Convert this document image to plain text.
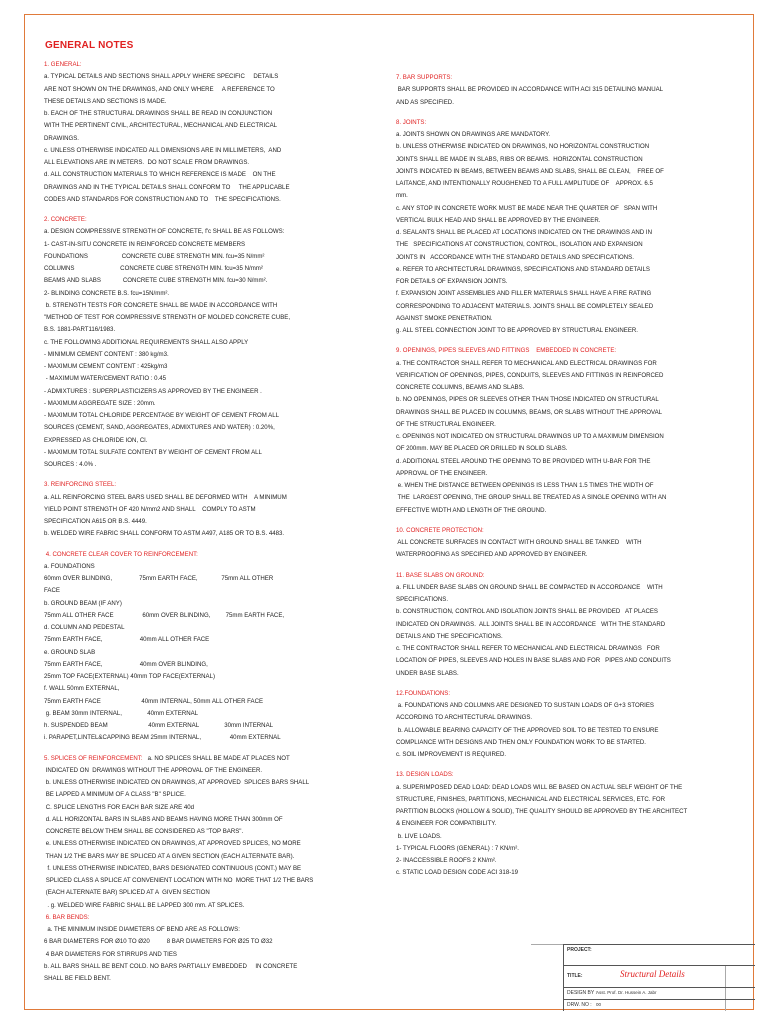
GENERAL NOTES
1. GENERAL:
a. TYPICAL DETAILS AND SECTIONS SHALL APPLY WHERE SPECIFIC     DETAILS
ARE NOT SHOWN ON THE DRAWINGS, AND ONLY WHERE     A REFERENCE TO
THESE DETAILS AND SECTIONS IS MADE.
b. EACH OF THE STRUCTURAL DRAWINGS SHALL BE READ IN CONJUNCTION
WITH THE PERTINENT CIVIL, ARCHITECTURAL, MECHANICAL AND ELECTRICAL
DRAWINGS.
c. UNLESS OTHERWISE INDICATED ALL DIMENSIONS ARE IN MILLIMETERS,  AND
ALL ELEVATIONS ARE IN METERS.  DO NOT SCALE FROM DRAWINGS.
d. ALL CONSTRUCTION MATERIALS TO WHICH REFERENCE IS MADE    ON THE
DRAWINGS AND IN THE TYPICAL DETAILS SHALL CONFORM TO     THE APPLICABLE
CODES AND STANDARDS FOR CONSTRUCTION AND TO    THE SPECIFICATIONS.
2. CONCRETE:
a. DESIGN COMPRESSIVE STRENGTH OF CONCRETE, f'c SHALL BE AS FOLLOWS:
1- CAST-IN-SITU CONCRETE IN REINFORCED CONCRETE MEMBERS
FOUNDATIONS                    CONCRETE CUBE STRENGTH MIN. fcu=35 N/mm²
COLUMNS                           CONCRETE CUBE STRENGTH MIN. fcu=35 N/mm²
BEAMS AND SLABS             CONCRETE CUBE STRENGTH MIN. fcu=30 N/mm².
2- BLINDING CONCRETE B.S. fcu=15N/mm².
b. STRENGTH TESTS FOR CONCRETE SHALL BE MADE IN ACCORDANCE WITH
"METHOD OF TEST FOR COMPRESSIVE STRENGTH OF MOLDED CONCRETE CUBE,
B.S. 1881-PART116/1983.
c. THE FOLLOWING ADDITIONAL REQUIREMENTS SHALL ALSO APPLY
- MINIMUM CEMENT CONTENT : 380 kg/m3.
- MAXIMUM CEMENT CONTENT : 425kg/m3
- MAXIMUM WATER/CEMENT RATIO : 0.45
- ADMIXTURES : SUPERPLASTICIZERS AS APPROVED BY THE ENGINEER .
- MAXIMUM AGGREGATE SIZE : 20mm.
- MAXIMUM TOTAL CHLORIDE PERCENTAGE BY WEIGHT OF CEMENT FROM ALL
SOURCES (CEMENT, SAND, AGGREGATES, ADMIXTURES AND WATER) : 0.20%,
EXPRESSED AS CHLORIDE ION, Cl.
- MAXIMUM TOTAL SULFATE CONTENT BY WEIGHT OF CEMENT FROM ALL
SOURCES : 4.0% .
3. REINFORCING STEEL:
a. ALL REINFORCING STEEL BARS USED SHALL BE DEFORMED WITH    A MINIMUM
YIELD POINT STRENGTH OF 420 N/mm2 AND SHALL    COMPLY TO ASTM
SPECIFICATION A615 OR B.S. 4449.
b. WELDED WIRE FABRIC SHALL CONFORM TO ASTM A497, A185 OR TO B.S. 4483.
4. CONCRETE CLEAR COVER TO REINFORCEMENT:
a. FOUNDATIONS
60mm OVER BLINDING,                75mm EARTH FACE,              75mm ALL OTHER
FACE
b. GROUND BEAM (IF ANY)
75mm ALL OTHER FACE                 60mm OVER BLINDING,         75mm EARTH FACE,
d. COLUMN AND PEDESTAL
75mm EARTH FACE,                      40mm ALL OTHER FACE
e. GROUND SLAB
75mm EARTH FACE,                      40mm OVER BLINDING,
25mm TOP FACE(EXTERNAL) 40mm TOP FACE(EXTERNAL)
f. WALL 50mm EXTERNAL,
75mm EARTH FACE                        40mm INTERNAL, 50mm ALL OTHER FACE
g. BEAM 30mm INTERNAL,               40mm EXTERNAL
h. SUSPENDED BEAM                        40mm EXTERNAL               30mm INTERNAL
i. PARAPET,LINTEL&CAPPING BEAM 25mm INTERNAL,                 40mm EXTERNAL
5. SPLICES OF REINFORCEMENT:   a. NO SPLICES SHALL BE MADE AT PLACES NOT
INDICATED ON  DRAWINGS WITHOUT THE APPROVAL OF THE ENGINEER.
b. UNLESS OTHERWISE INDICATED ON DRAWINGS, AT APPROVED  SPLICES BARS SHALL
BE LAPPED A MINIMUM OF A CLASS "B" SPLICE.
C. SPLICE LENGTHS FOR EACH BAR SIZE ARE 40d
d. ALL HORIZONTAL BARS IN SLABS AND BEAMS HAVING MORE THAN 300mm OF
CONCRETE BELOW THEM SHALL BE CONSIDERED AS "TOP BARS".
e. UNLESS OTHERWISE INDICATED ON DRAWINGS, AT APPROVED SPLICES, NO MORE
THAN 1/2 THE BARS MAY BE SPLICED AT A GIVEN SECTION (EACH ALTERNATE BAR).
f. UNLESS OTHERWISE INDICATED, BARS DESIGNATED CONTINUOUS (CONT.) MAY BE
SPLICED CLASS A SPLICE AT CONVENIENT LOCATION WITH NO  MORE THAT 1/2 THE BARS
(EACH ALTERNATE BAR) SPLICED AT A  GIVEN SECTION
. g. WELDED WIRE FABRIC SHALL BE LAPPED 300 mm. AT SPLICES.
6. BAR BENDS:
a. THE MINIMUM INSIDE DIAMETERS OF BEND ARE AS FOLLOWS:
6 BAR DIAMETERS FOR Ø10 TO Ø20          8 BAR DIAMETERS FOR Ø25 TO Ø32
4 BAR DIAMETERS FOR STIRRUPS AND TIES
b. ALL BARS SHALL BE BENT COLD. NO BARS PARTIALLY EMBEDDED     IN CONCRETE
SHALL BE FIELD BENT.
7. BAR SUPPORTS:
BAR SUPPORTS SHALL BE PROVIDED IN ACCORDANCE WITH ACI 315 DETAILING MANUAL
AND AS SPECIFIED.
8. JOINTS:
a. JOINTS SHOWN ON DRAWINGS ARE MANDATORY.
b. UNLESS OTHERWISE INDICATED ON DRAWINGS, NO HORIZONTAL CONSTRUCTION
JOINTS SHALL BE MADE IN SLABS, RIBS OR BEAMS.  HORIZONTAL CONSTRUCTION
JOINTS INDICATED IN BEAMS, BETWEEN BEAMS AND SLABS, SHALL BE CLEAN,    FREE OF
LAITANCE, AND INTENTIONALLY ROUGHENED TO A FULL AMPLITUDE OF    APPROX. 6.5
mm.
c. ANY STOP IN CONCRETE WORK MUST BE MADE NEAR THE QUARTER OF   SPAN WITH
VERTICAL BULK HEAD AND SHALL BE APPROVED BY THE ENGINEER.
d. SEALANTS SHALL BE PLACED AT LOCATIONS INDICATED ON THE DRAWINGS AND IN
THE   SPECIFICATIONS AT CONSTRUCTION, CONTROL, ISOLATION AND EXPANSION
JOINTS IN   ACCORDANCE WITH THE STANDARD DETAILS AND SPECIFICATIONS.
e. REFER TO ARCHITECTURAL DRAWINGS, SPECIFICATIONS AND STANDARD DETAILS
FOR DETAILS OF EXPANSION JOINTS.
f. EXPANSION JOINT ASSEMBLIES AND FILLER MATERIALS SHALL HAVE A FIRE RATING
CORRESPONDING TO ADJACENT MATERIALS. JOINTS SHALL BE COMPLETELY SEALED
AGAINST SMOKE PENETRATION.
g. ALL STEEL CONNECTION JOINT TO BE APPROVED BY STRUCTURAL ENGINEER.
9. OPENINGS, PIPES SLEEVES AND FITTINGS    EMBEDDED IN CONCRETE:
a. THE CONTRACTOR SHALL REFER TO MECHANICAL AND ELECTRICAL DRAWINGS FOR
VERIFICATION OF OPENINGS, PIPES, CONDUITS, SLEEVES AND FITTINGS IN REINFORCED
CONCRETE COLUMNS, BEAMS AND SLABS.
b. NO OPENINGS, PIPES OR SLEEVES OTHER THAN THOSE INDICATED ON STRUCTURAL
DRAWINGS SHALL BE PLACED IN COLUMNS, BEAMS, OR SLABS WITHOUT THE APPROVAL
OF THE STRUCTURAL ENGINEER.
c. OPENINGS NOT INDICATED ON STRUCTURAL DRAWINGS UP TO A MAXIMUM DIMENSION
OF 200mm. MAY BE PLACED OR DRILLED IN SOLID SLABS.
d. ADDITIONAL STEEL AROUND THE OPENING TO BE PROVIDED WITH U-BAR FOR THE
APPROVAL OF THE ENGINEER.
e. WHEN THE DISTANCE BETWEEN OPENINGS IS LESS THAN 1.5 TIMES THE WIDTH OF
THE  LARGEST OPENING, THE GROUP SHALL BE TREATED AS A SINGLE OPENING WITH AN
EFFECTIVE WIDTH AND LENGTH OF THE GROUND.
10. CONCRETE PROTECTION:
ALL CONCRETE SURFACES IN CONTACT WITH GROUND SHALL BE TANKED    WITH
WATERPROOFING AS SPECIFIED AND APPROVED BY ENGINEER.
11. BASE SLABS ON GROUND:
a. FILL UNDER BASE SLABS ON GROUND SHALL BE COMPACTED IN ACCORDANCE    WITH
SPECIFICATIONS.
b. CONSTRUCTION, CONTROL AND ISOLATION JOINTS SHALL BE PROVIDED   AT PLACES
INDICATED ON DRAWINGS.  ALL JOINTS SHALL BE IN ACCORDANCE   WITH THE STANDARD
DETAILS AND THE SPECIFICATIONS.
c. THE CONTRACTOR SHALL REFER TO MECHANICAL AND ELECTRICAL DRAWINGS   FOR
LOCATION OF PIPES, SLEEVES AND HOLES IN BASE SLABS AND FOR   PIPES AND CONDUITS
UNDER BASE SLABS.
12.FOUNDATIONS:
a. FOUNDATIONS AND COLUMNS ARE DESIGNED TO SUSTAIN LOADS OF G+3 STORIES
ACCORDING TO ARCHITECTURAL DRAWINGS.
b. ALLOWABLE BEARING CAPACITY OF THE APPROVED SOIL TO BE TESTED TO ENSURE
COMPLIANCE WITH DESIGNS AND THEN ONLY FOUNDATION WORK TO BE STARTED.
c. SOIL IMPROVEMENT IS REQUIRED.
13. DESIGN LOADS:
a. SUPERIMPOSED DEAD LOAD: DEAD LOADS WILL BE BASED ON ACTUAL SELF WEIGHT OF THE
STRUCTURE, FINISHES, PARTITIONS, MECHANICAL AND ELECTRICAL SERVICES, ETC. FOR
PARTITION BLOCKS (HOLLOW & SOLID), THE QUALITY SHOULD BE APPROVED BY THE ARCHITECT
& ENGINEER FOR COMPATIBILITY.
b. LIVE LOADS.
1- TYPICAL FLOORS (GENERAL) : 7 KN/m².
2- INACCESSIBLE ROOFS 2 KN/m².
c. STATIC LOAD DESIGN CODE ACI 318-19
PROJECT:
TITLE:	Structural Details
DESIGN BY : Asst. Prof. Dr. Hussein A. Jabr
DRW. NO : 00
